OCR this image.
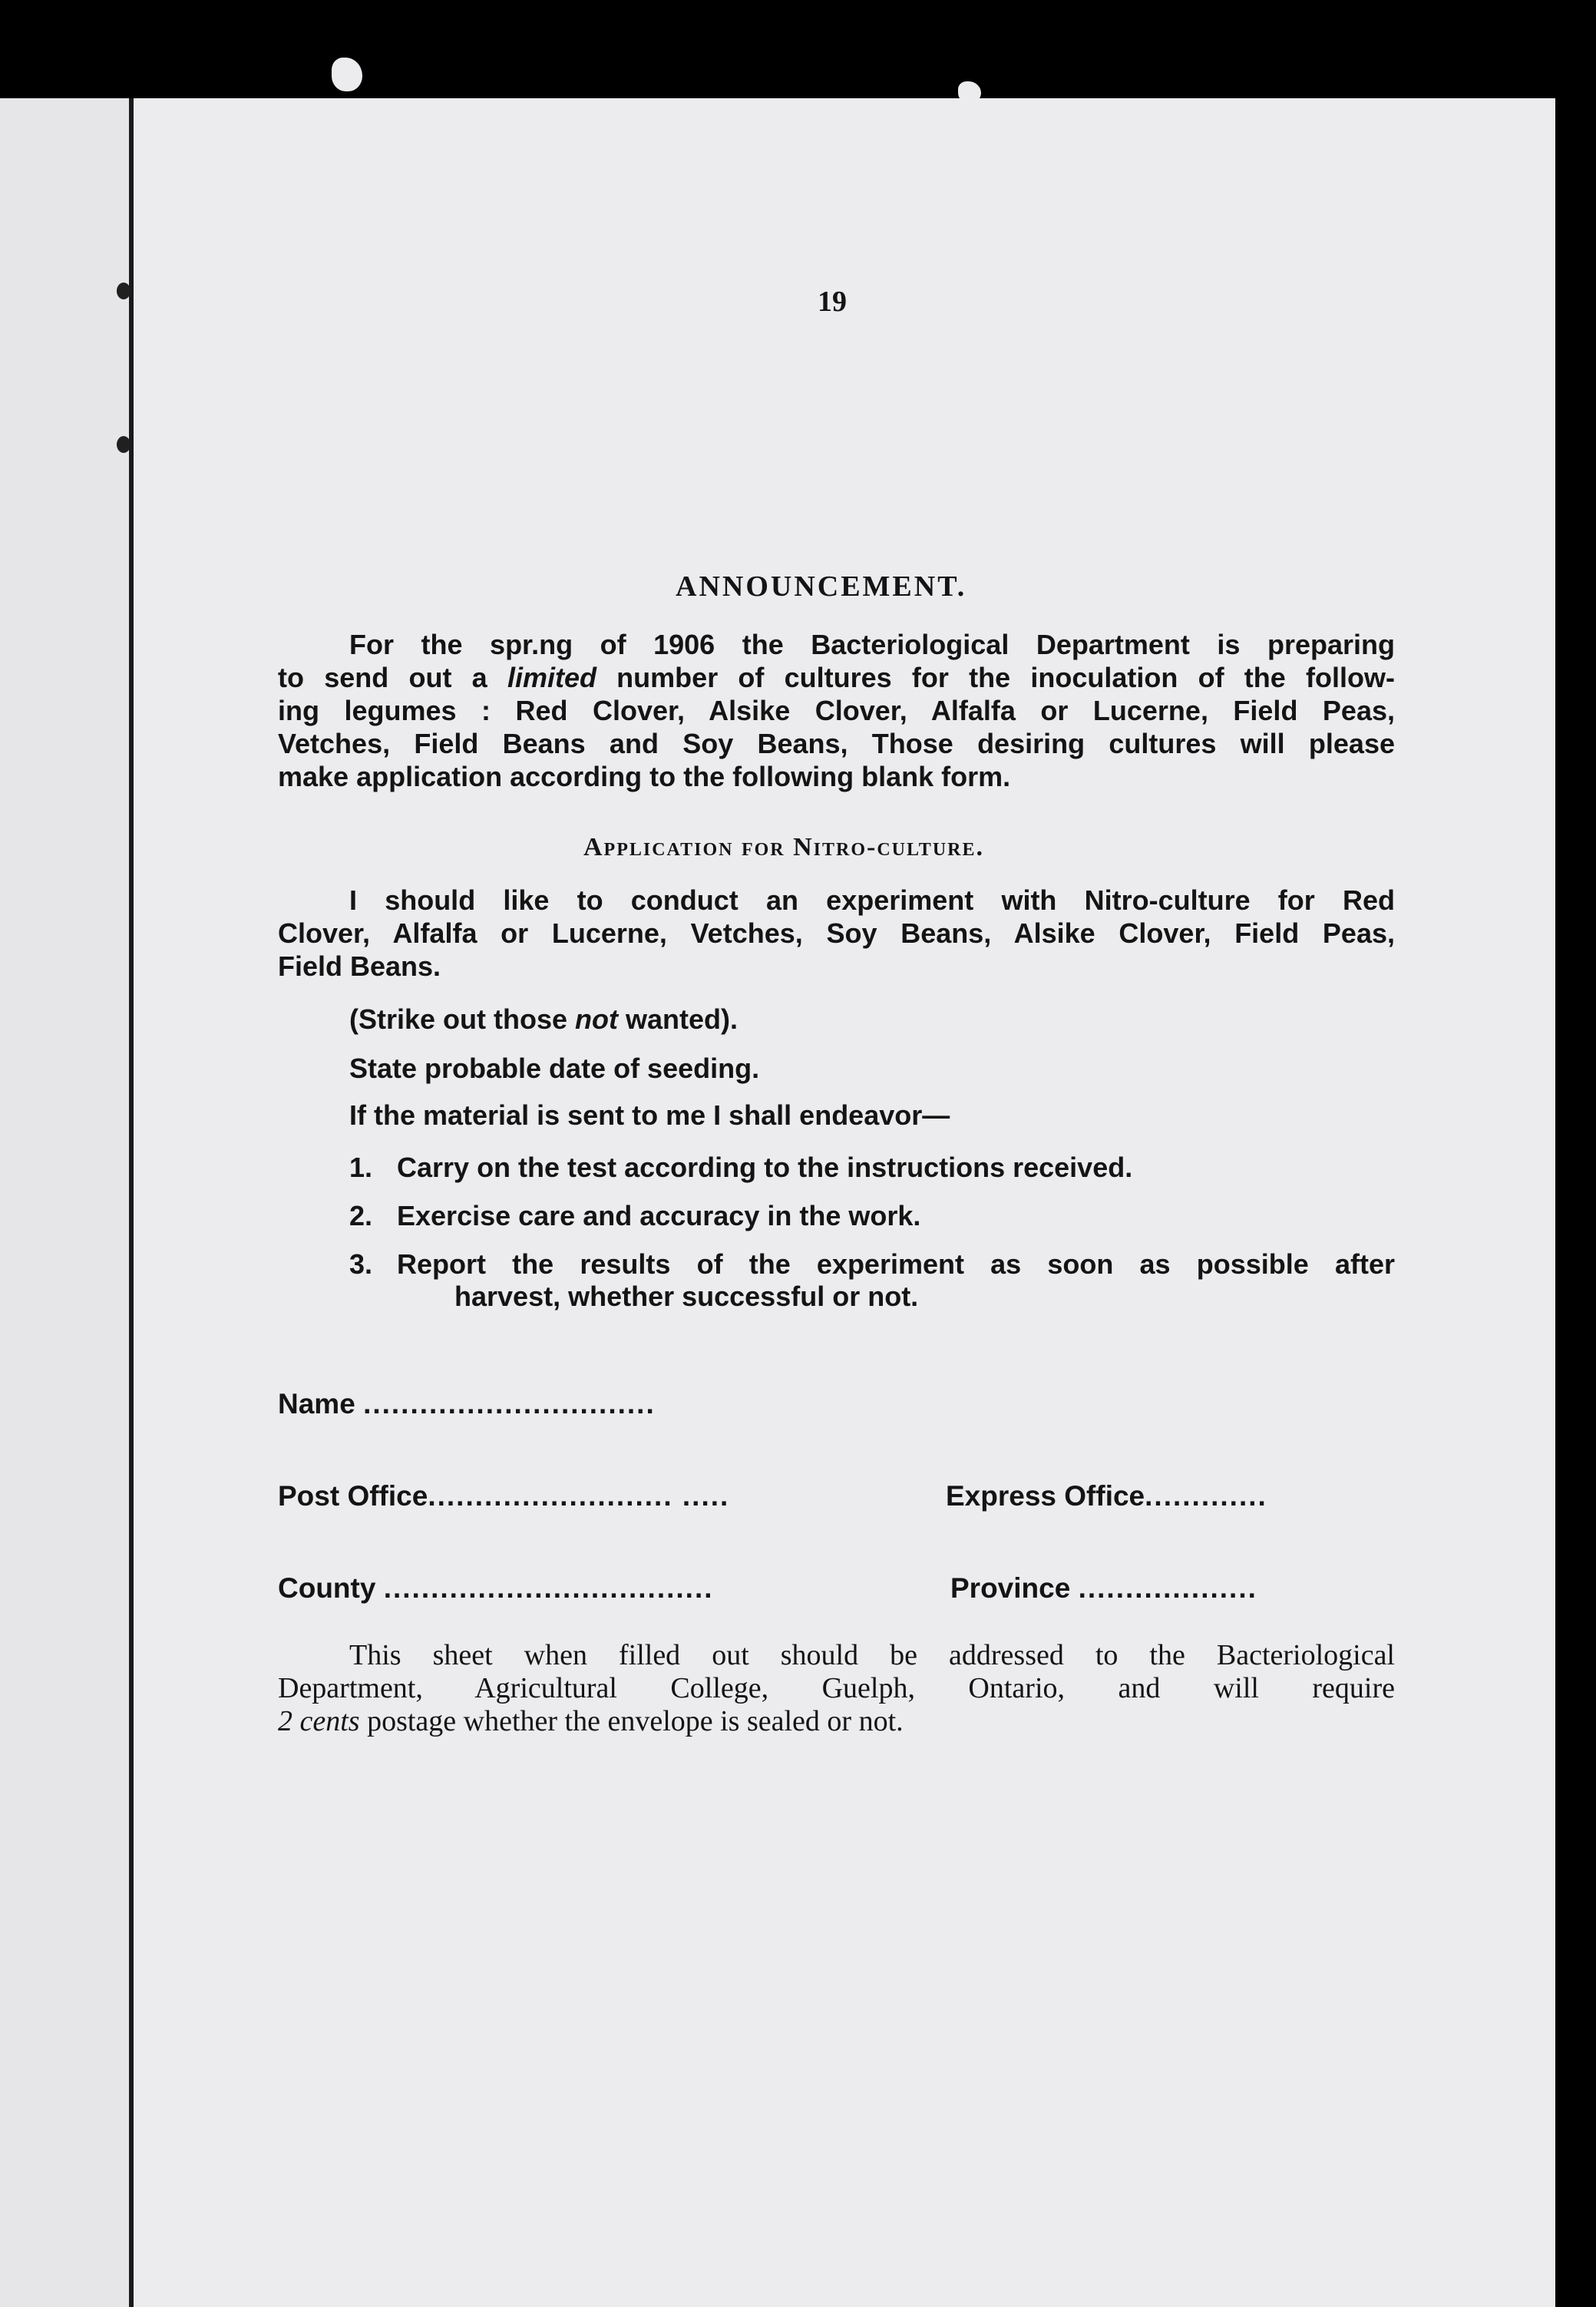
19
ANNOUNCEMENT.
For the spr.ng of 1906 the Bacteriological Department is preparing
to send out a limited number of cultures for the inoculation of the follow-
ing legumes : Red Clover, Alsike Clover, Alfalfa or Lucerne, Field Peas,
Vetches, Field Beans and Soy Beans, Those desiring cultures will please
make application according to the following blank form.
Application for Nitro-culture.
I should like to conduct an experiment with Nitro-culture for Red
Clover, Alfalfa or Lucerne, Vetches, Soy Beans, Alsike Clover, Field Peas,
Field Beans.
(Strike out those not wanted).
State probable date of seeding.
If the material is sent to me I shall endeavor—
1. Carry on the test according to the instructions received.
2. Exercise care and accuracy in the work.
3. Report the results of the experiment as soon as possible after
harvest, whether successful or not.
Name ...............................
Post Office.......................... .....	Express Office.............
County ...................................	Province ...................
This sheet when filled out should be addressed to the Bacteriological
Department, Agricultural College, Guelph, Ontario, and will require
2 cents postage whether the envelope is sealed or not.
